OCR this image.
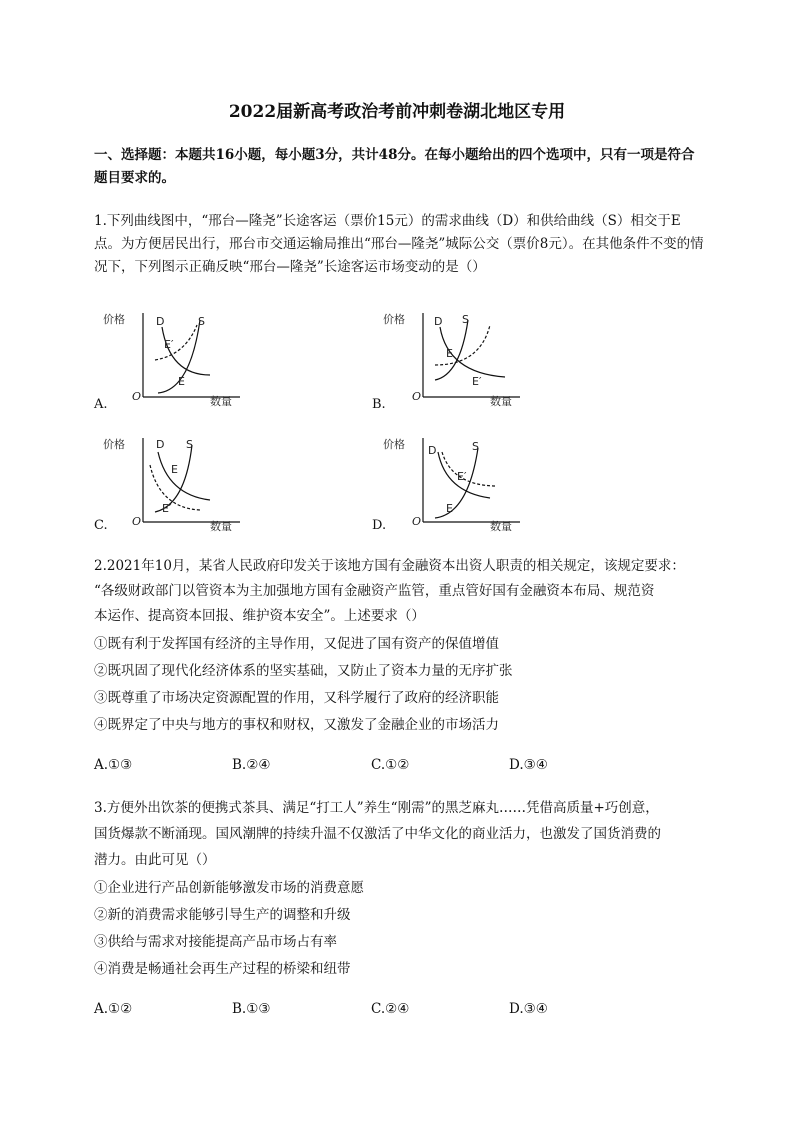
2022届新高考政治考前冲刺卷湖北地区专用

一、选择题：本题共16小题，每小题3分，共计48分。在每小题给出的四个选项中，只有一项是符合题目要求的。

1.下列曲线图中，“邢台—隆尧”长途客运（票价15元）的需求曲线（D）和供给曲线（S）相交于E点。为方便居民出行，邢台市交通运输局推出“邢台—隆尧”城际公交（票价8元）。在其他条件不变的情况下，下列图示正确反映“邢台—隆尧”长途客运市场变动的是（）

价格	D	S
E′
E
O	数量
A.
价格	D S
E
E′
O	数量
B.
价格	D S
E
E′
O	数量
C.
价格 D	S
E′
E
O	数量
D.
2.2021年10月，某省人民政府印发关于该地方国有金融资本出资人职责的相关规定，该规定要求：
“各级财政部门以管资本为主加强地方国有金融资产监管，重点管好国有金融资本布局、规范资
本运作、提高资本回报、维护资本安全”。上述要求（）
①既有利于发挥国有经济的主导作用，又促进了国有资产的保值增值
②既巩固了现代化经济体系的坚实基础，又防止了资本力量的无序扩张
③既尊重了市场决定资源配置的作用，又科学履行了政府的经济职能
④既界定了中央与地方的事权和财权，又激发了金融企业的市场活力
A.①③	B.②④	C.①②	D.③④
3.方便外出饮茶的便携式茶具、满足“打工人”养生“刚需”的黑芝麻丸……凭借高质量+巧创意，
国货爆款不断涌现。国风潮牌的持续升温不仅激活了中华文化的商业活力，也激发了国货消费的
潜力。由此可见（）
①企业进行产品创新能够激发市场的消费意愿
②新的消费需求能够引导生产的调整和升级
③供给与需求对接能提高产品市场占有率
④消费是畅通社会再生产过程的桥梁和纽带
A.①②	B.①③	C.②④	D.③④
